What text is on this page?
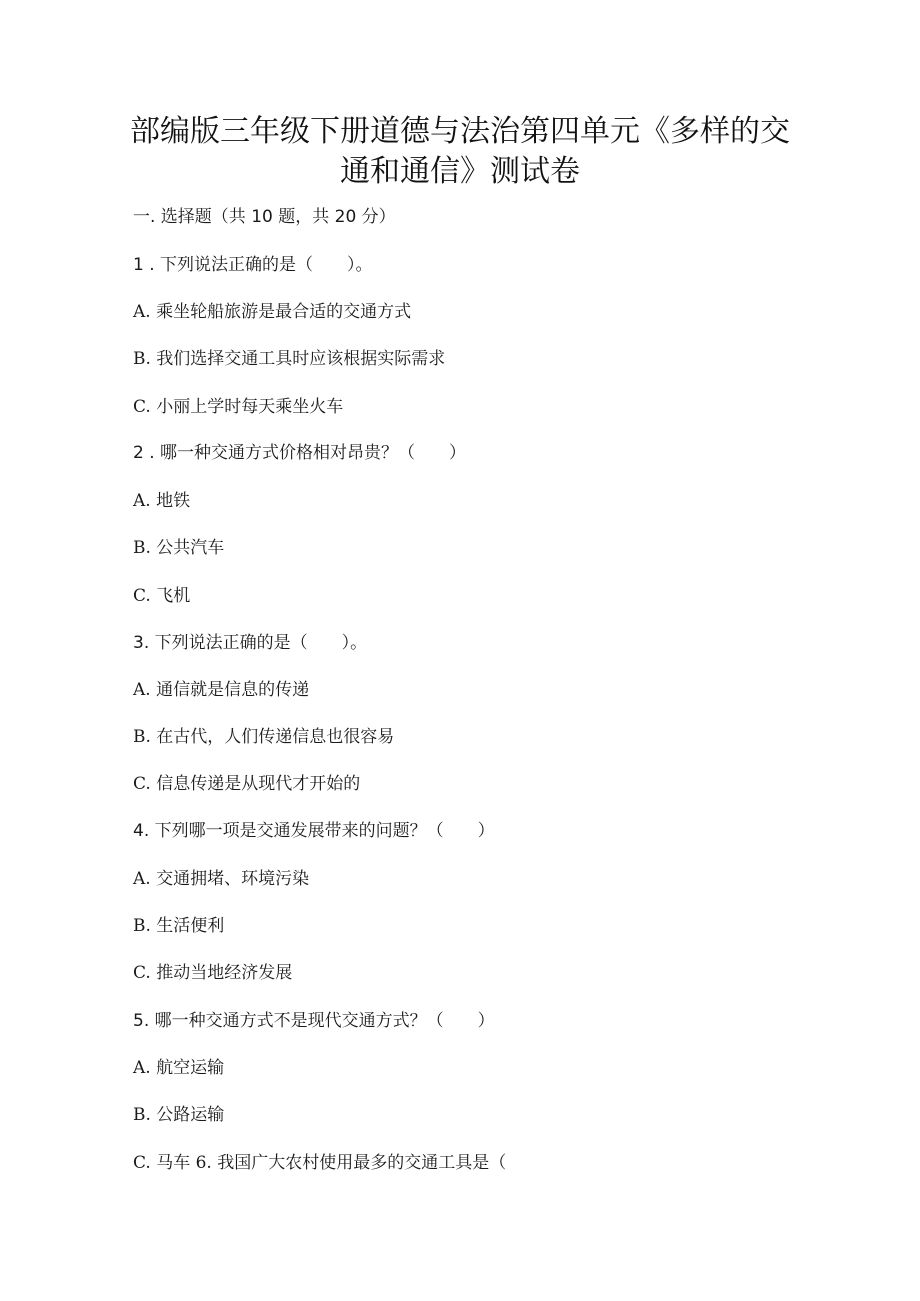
部编版三年级下册道德与法治第四单元《多样的交
通和通信》测试卷
一. 选择题（共 10 题，共 20 分）
1 . 下列说法正确的是（　　）。
A. 乘坐轮船旅游是最合适的交通方式
B. 我们选择交通工具时应该根据实际需求
C. 小丽上学时每天乘坐火车
2 . 哪一种交通方式价格相对昂贵？（　　）
A. 地铁
B. 公共汽车
C. 飞机
3. 下列说法正确的是（　　）。
A. 通信就是信息的传递
B. 在古代，人们传递信息也很容易
C. 信息传递是从现代才开始的
4. 下列哪一项是交通发展带来的问题？（　　）
A. 交通拥堵、环境污染
B. 生活便利
C. 推动当地经济发展
5. 哪一种交通方式不是现代交通方式？（　　）
A. 航空运输
B. 公路运输
C. 马车 6. 我国广大农村使用最多的交通工具是（
